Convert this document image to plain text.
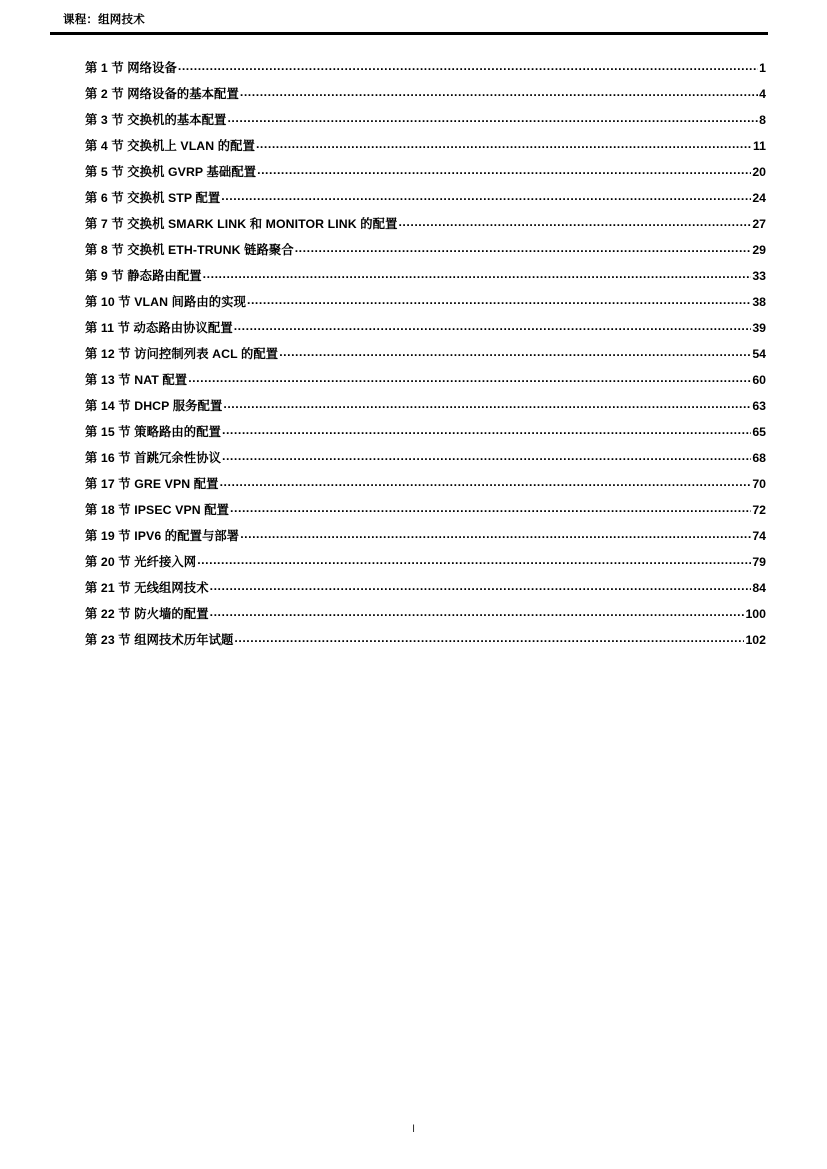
课程：组网技术
第 1 节 网络设备 .....	1
第 2 节 网络设备的基本配置 .....	4
第 3 节 交换机的基本配置 .....	8
第 4 节 交换机上 VLAN 的配置 .....	11
第 5 节 交换机 GVRP 基础配置 .....	20
第 6 节 交换机 STP 配置 .....	24
第 7 节 交换机 SMARK LINK 和 MONITOR LINK 的配置 .....	27
第 8 节 交换机 ETH-TRUNK 链路聚合 .....	29
第 9 节 静态路由配置 .....	33
第 10 节 VLAN 间路由的实现 .....	38
第 11 节 动态路由协议配置 .....	39
第 12 节 访问控制列表 ACL 的配置 .....	54
第 13 节 NAT 配置 .....	60
第 14 节 DHCP 服务配置 .....	63
第 15 节 策略路由的配置 .....	65
第 16 节 首跳冗余性协议 .....	68
第 17 节 GRE VPN 配置 .....	70
第 18 节 IPSEC VPN 配置 .....	72
第 19 节 IPV6 的配置与部署 .....	74
第 20 节 光纤接入网 .....	79
第 21 节 无线组网技术 .....	84
第 22 节 防火墙的配置 .....	100
第 23 节 组网技术历年试题 .....	102
I
